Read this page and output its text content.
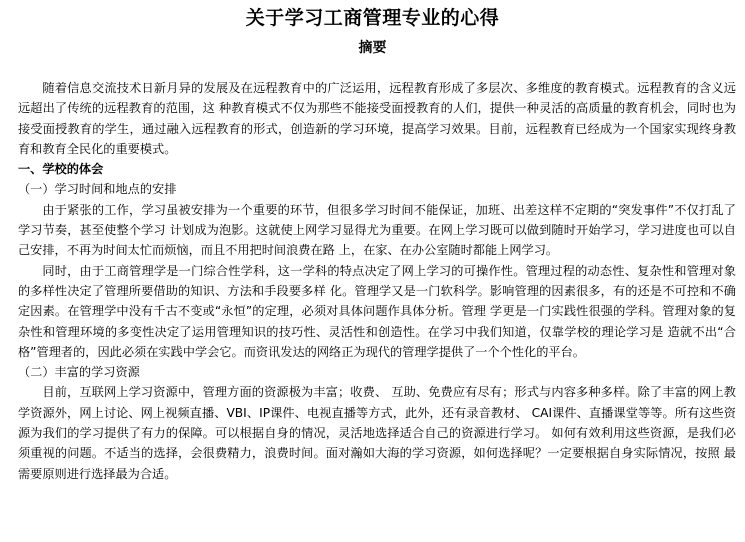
关于学习工商管理专业的心得
摘要

随着信息交流技术日新月异的发展及在远程教育中的广泛运用，远程教育形成了多层次、多维度的教育模式。远程教育的含义远远超出了传统的远程教育的范围，这 种教育模式不仅为那些不能接受面授教育的人们，提供一种灵活的高质量的教育机会，同时也为接受面授教育的学生，通过融入远程教育的形式，创造新的学习环境，提高学习效果。目前，远程教育已经成为一个国家实现终身教育和教育全民化的重要模式。

一、学校的体会

（一）学习时间和地点的安排

由于紧张的工作，学习虽被安排为一个重要的环节，但很多学习时间不能保证，加班、出差这样不定期的“突发事件”不仅打乱了学习节奏，甚至使整个学习 计划成为泡影。这就使上网学习显得尤为重要。在网上学习既可以做到随时开始学习，学习进度也可以自己安排，不再为时间太忙而烦恼，而且不用把时间浪费在路 上，在家、在办公室随时都能上网学习。

同时，由于工商管理学是一门综合性学科，这一学科的特点决定了网上学习的可操作性。管理过程的动态性、复杂性和管理对象的多样性决定了管理所要借助的知识、方法和手段要多样 化。管理学又是一门软科学。影响管理的因素很多，有的还是不可控和不确定因素。在管理学中没有千古不变或“永恒”的定理，必须对具体问题作具体分析。管理 学更是一门实践性很强的学科。管理对象的复杂性和管理环境的多变性决定了运用管理知识的技巧性、灵活性和创造性。在学习中我们知道，仅靠学校的理论学习是 造就不出“合格”管理者的，因此必须在实践中学会它。而资讯发达的网络正为现代的管理学提供了一个个性化的平台。

（二）丰富的学习资源

目前，互联网上学习资源中，管理方面的资源极为丰富；收费、 互助、免费应有尽有；形式与内容多种多样。除了丰富的网上教学资源外，网上讨论、网上视频直播、VBI、IP课件、电视直播等方式，此外，还有录音教材、 CAI课件、直播课堂等等。所有这些资源为我们的学习提供了有力的保障。可以根据自身的情况，灵活地选择适合自己的资源进行学习。 如何有效利用这些资源，是我们必须重视的问题。不适当的选择，会很费精力，浪费时间。面对瀚如大海的学习资源，如何选择呢？一定要根据自身实际情况，按照 最需要原则进行选择最为合适。
